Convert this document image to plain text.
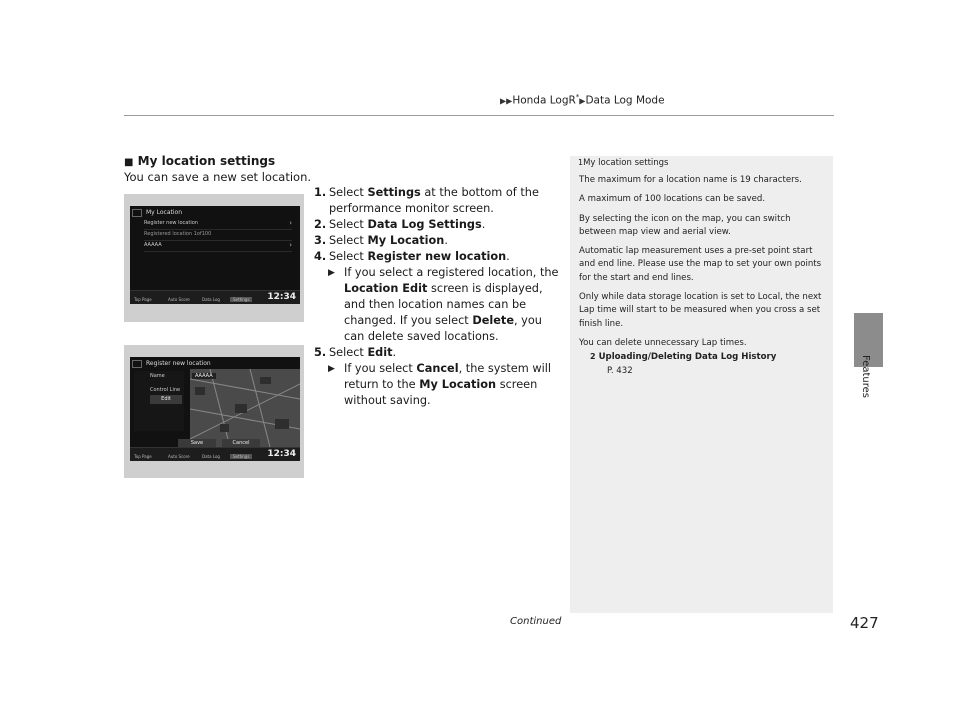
▶▶Honda LogR*▶Data Log Mode
Features
■ My location settings
You can save a new set location.
My Location
Register new location	›
Registered location 1of100
AAAAA	›
Top Page	Auto Score	Data Log	Settings	12:34
Register new location
Name	AAAAA
Control Line
Edit
Save	Cancel
Top Page	Auto Score	Data Log	Settings	12:34
1. Select Settings at the bottom of the performance monitor screen.
2. Select Data Log Settings.
3. Select My Location.
4. Select Register new location.
▶ If you select a registered location, the Location Edit screen is displayed, and then location names can be changed. If you select Delete, you can delete saved locations.
5. Select Edit.
▶ If you select Cancel, the system will return to the My Location screen without saving.
1My location settings

The maximum for a location name is 19 characters.

A maximum of 100 locations can be saved.

By selecting the icon on the map, you can switch between map view and aerial view.

Automatic lap measurement uses a pre-set point start and end line. Please use the map to set your own points for the start and end lines.

Only while data storage location is set to Local, the next Lap time will start to be measured when you cross a set finish line.

You can delete unnecessary Lap times.

2 Uploading/Deleting Data Log History
P. 432
Continued	427
